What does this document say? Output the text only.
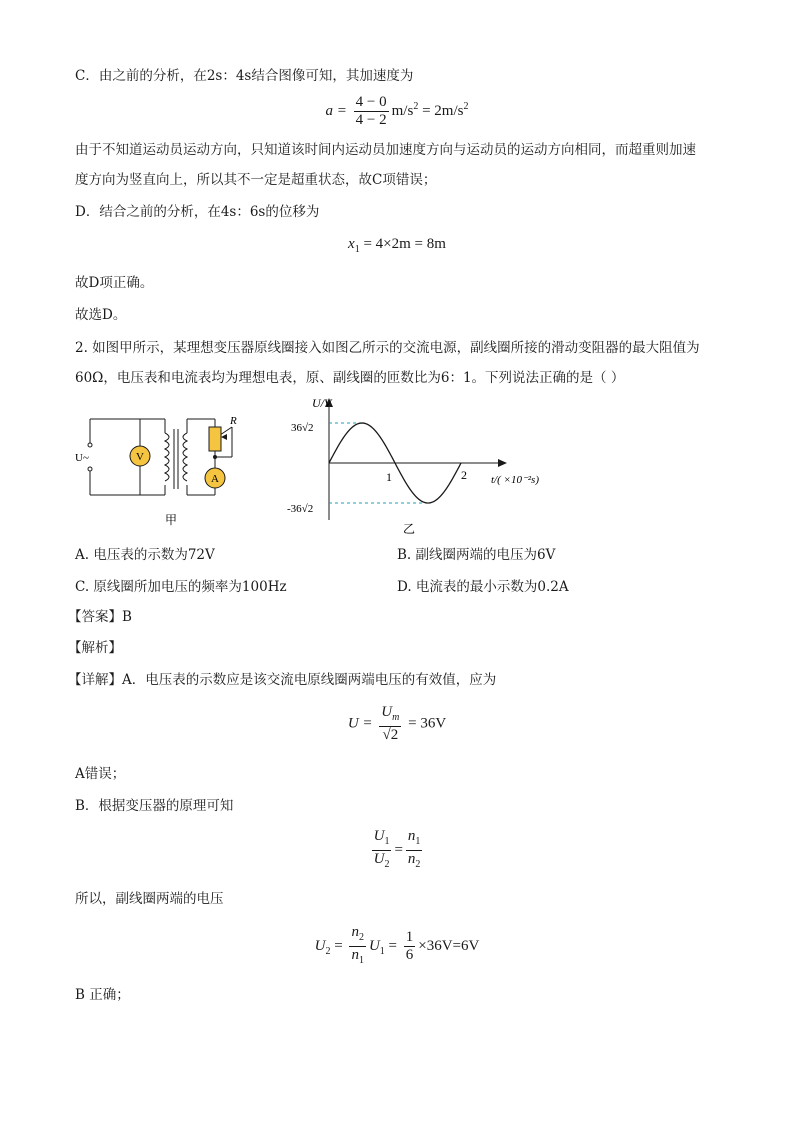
C．由之前的分析，在2s：4s结合图像可知，其加速度为
$a = \frac{4 - 0}{4 - 2} m/s^2 = 2m/s^2$
由于不知道运动员运动方向，只知道该时间内运动员加速度方向与运动员的运动方向相同，而超重则加速
度方向为竖直向上，所以其不一定是超重状态，故C项错误；
D．结合之前的分析，在4s：6s的位移为
$x_1 = 4\times 2m = 8m$
故D项正确。
故选D。
2. 如图甲所示，某理想变压器原线圈接入如图乙所示的交流电源，副线圈所接的滑动变阻器的最大阻值为
60Ω，电压表和电流表均为理想电表，原、副线圈的匝数比为6：1。下列说法正确的是（ ）
V
A
R
U~
甲
U/V
36√2
-36√2
1	2 t/( ×10⁻²s)
乙
A. 电压表的示数为72V	B. 副线圈两端的电压为6V
C. 原线圈所加电压的频率为100Hz	D. 电流表的最小示数为0.2A
【答案】B
【解析】
【详解】A．电压表的示数应是该交流电原线圈两端电压的有效值，应为
$U = \frac{U_m}{√2} = 36V$
A错误；
B．根据变压器的原理可知
$\frac{U_1}{U_2} = \frac{n_1}{n_2}$
所以，副线圈两端的电压
$U_2 = \frac{n_2}{n_1} U_1 = \frac{1}{6} \times 36V=6V$
B 正确；
